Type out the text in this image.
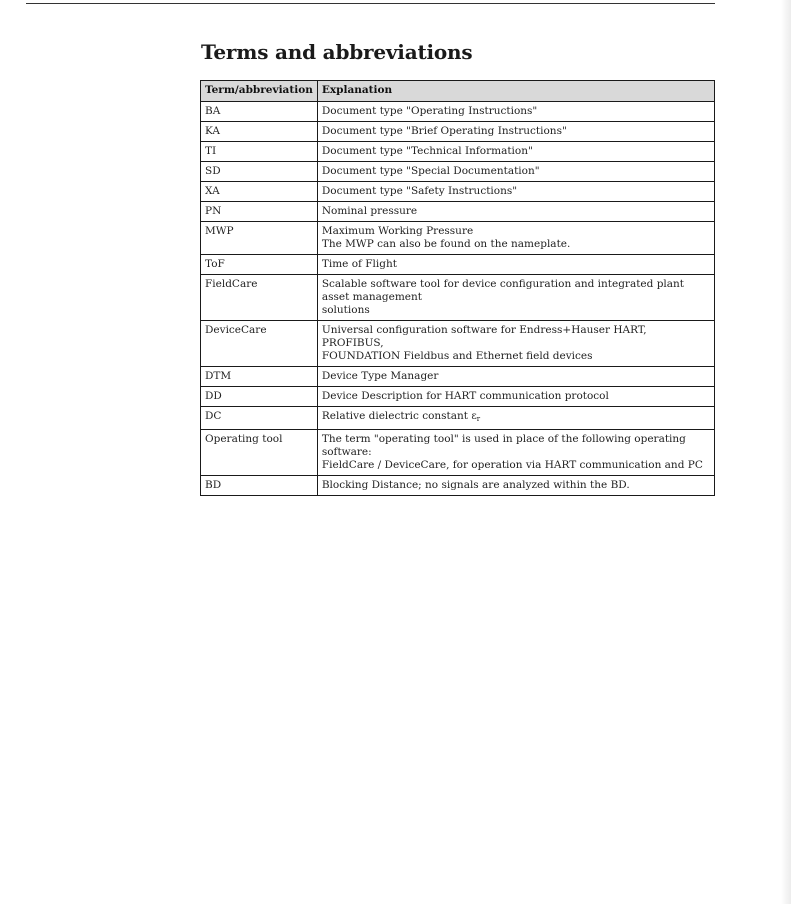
Terms and abbreviations
Term/abbreviation	Explanation
BA	Document type "Operating Instructions"

KA	Document type "Brief Operating Instructions"

TI	Document type "Technical Information"

SD	Document type "Special Documentation"

XA	Document type "Safety Instructions"

PN	Nominal pressure

MWP	Maximum Working Pressure
The MWP can also be found on the nameplate.

ToF	Time of Flight

FieldCare	Scalable software tool for device configuration and integrated plant asset management
solutions

DeviceCare	Universal configuration software for Endress+Hauser HART, PROFIBUS,
FOUNDATION Fieldbus and Ethernet field devices

DTM	Device Type Manager

DD	Device Description for HART communication protocol

DC	Relative dielectric constant $\varepsilon_r$

Operating tool	The term "operating tool" is used in place of the following operating software:
FieldCare / DeviceCare, for operation via HART communication and PC

BD	Blocking Distance; no signals are analyzed within the BD.
